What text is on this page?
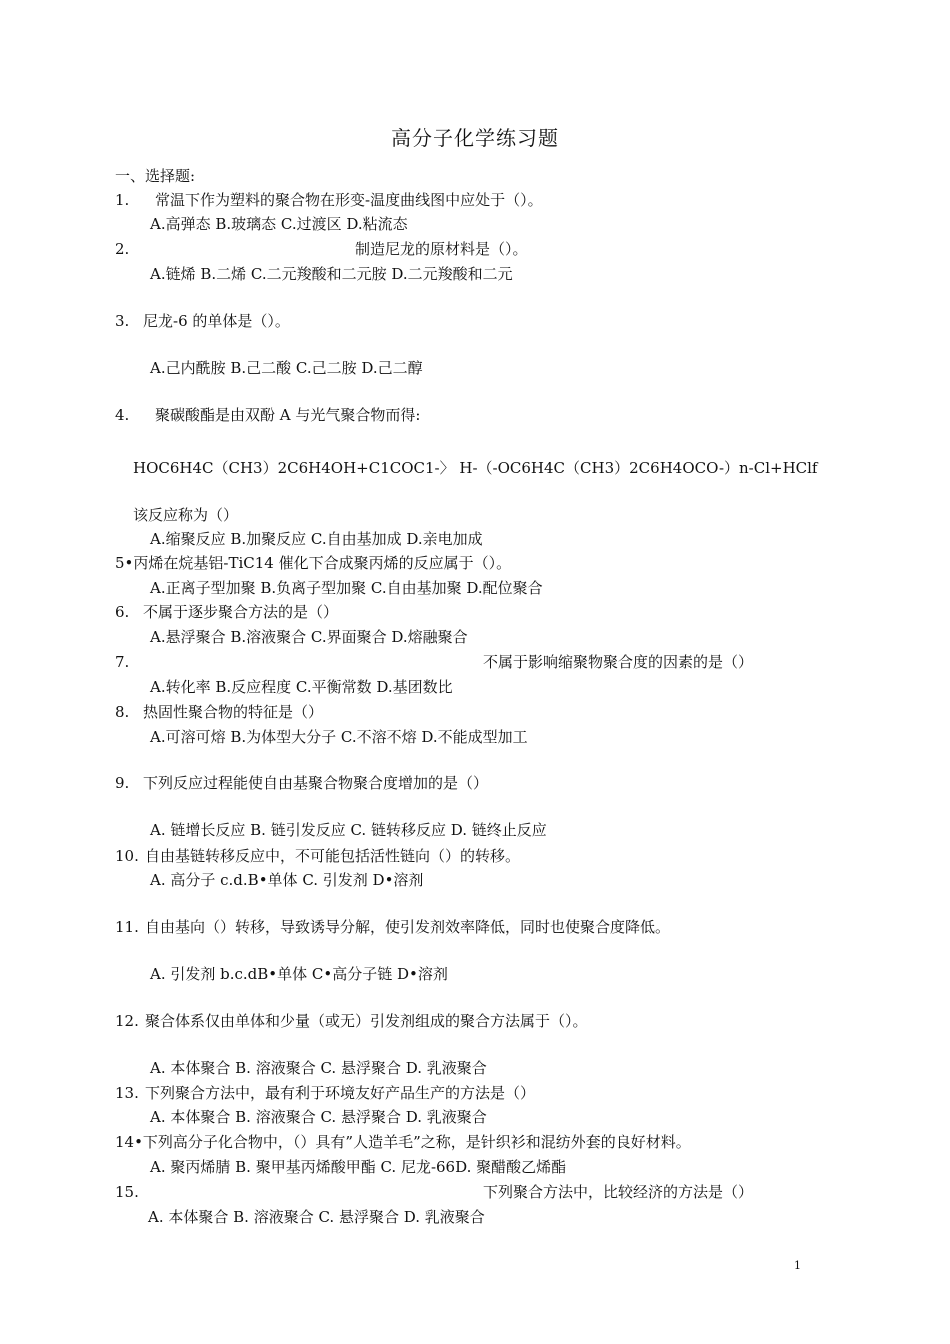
高分子化学练习题
一、选择题:
1. 常温下作为塑料的聚合物在形变-温度曲线图中应处于（）。
A.高弹态 B.玻璃态 C.过渡区 D.粘流态
2.	制造尼龙的原材料是（）。
A.链烯 B.二烯 C.二元羧酸和二元胺 D.二元羧酸和二元
3. 尼龙-6 的单体是（）。
A.己内酰胺 B.己二酸 C.己二胺 D.己二醇
4. 聚碳酸酯是由双酚 A 与光气聚合物而得:
HOC6H4C（CH3）2C6H4OH+C1COC1-〉 H-（-OC6H4C（CH3）2C6H4OCO-）n-Cl+HClf
该反应称为（）
A.缩聚反应 B.加聚反应 C.自由基加成 D.亲电加成
5•丙烯在烷基铝-TiC14 催化下合成聚丙烯的反应属于（）。
A.正离子型加聚 B.负离子型加聚 C.自由基加聚 D.配位聚合
6. 不属于逐步聚合方法的是（）
A.悬浮聚合 B.溶液聚合 C.界面聚合 D.熔融聚合
7.	不属于影响缩聚物聚合度的因素的是（）
A.转化率 B.反应程度 C.平衡常数 D.基团数比
8. 热固性聚合物的特征是（）
A.可溶可熔 B.为体型大分子 C.不溶不熔 D.不能成型加工
9. 下列反应过程能使自由基聚合物聚合度增加的是（）
A. 链增长反应 B. 链引发反应 C. 链转移反应 D. 链终止反应
10. 自由基链转移反应中，不可能包括活性链向（）的转移。
A. 高分子 c.d.B•单体 C. 引发剂 D•溶剂
11. 自由基向（）转移，导致诱导分解，使引发剂效率降低，同时也使聚合度降低。
A. 引发剂 b.c.dB•单体 C•高分子链 D•溶剂
12. 聚合体系仅由单体和少量（或无）引发剂组成的聚合方法属于（）。
A. 本体聚合 B. 溶液聚合 C. 悬浮聚合 D. 乳液聚合
13. 下列聚合方法中，最有利于环境友好产品生产的方法是（）
A. 本体聚合 B. 溶液聚合 C. 悬浮聚合 D. 乳液聚合
14•下列高分子化合物中，（）具有”人造羊毛”之称，是针织衫和混纺外套的良好材料。
A. 聚丙烯腈 B. 聚甲基丙烯酸甲酯 C. 尼龙-66D. 聚醋酸乙烯酯
15.	下列聚合方法中，比较经济的方法是（）
A. 本体聚合 B. 溶液聚合 C. 悬浮聚合 D. 乳液聚合
1
